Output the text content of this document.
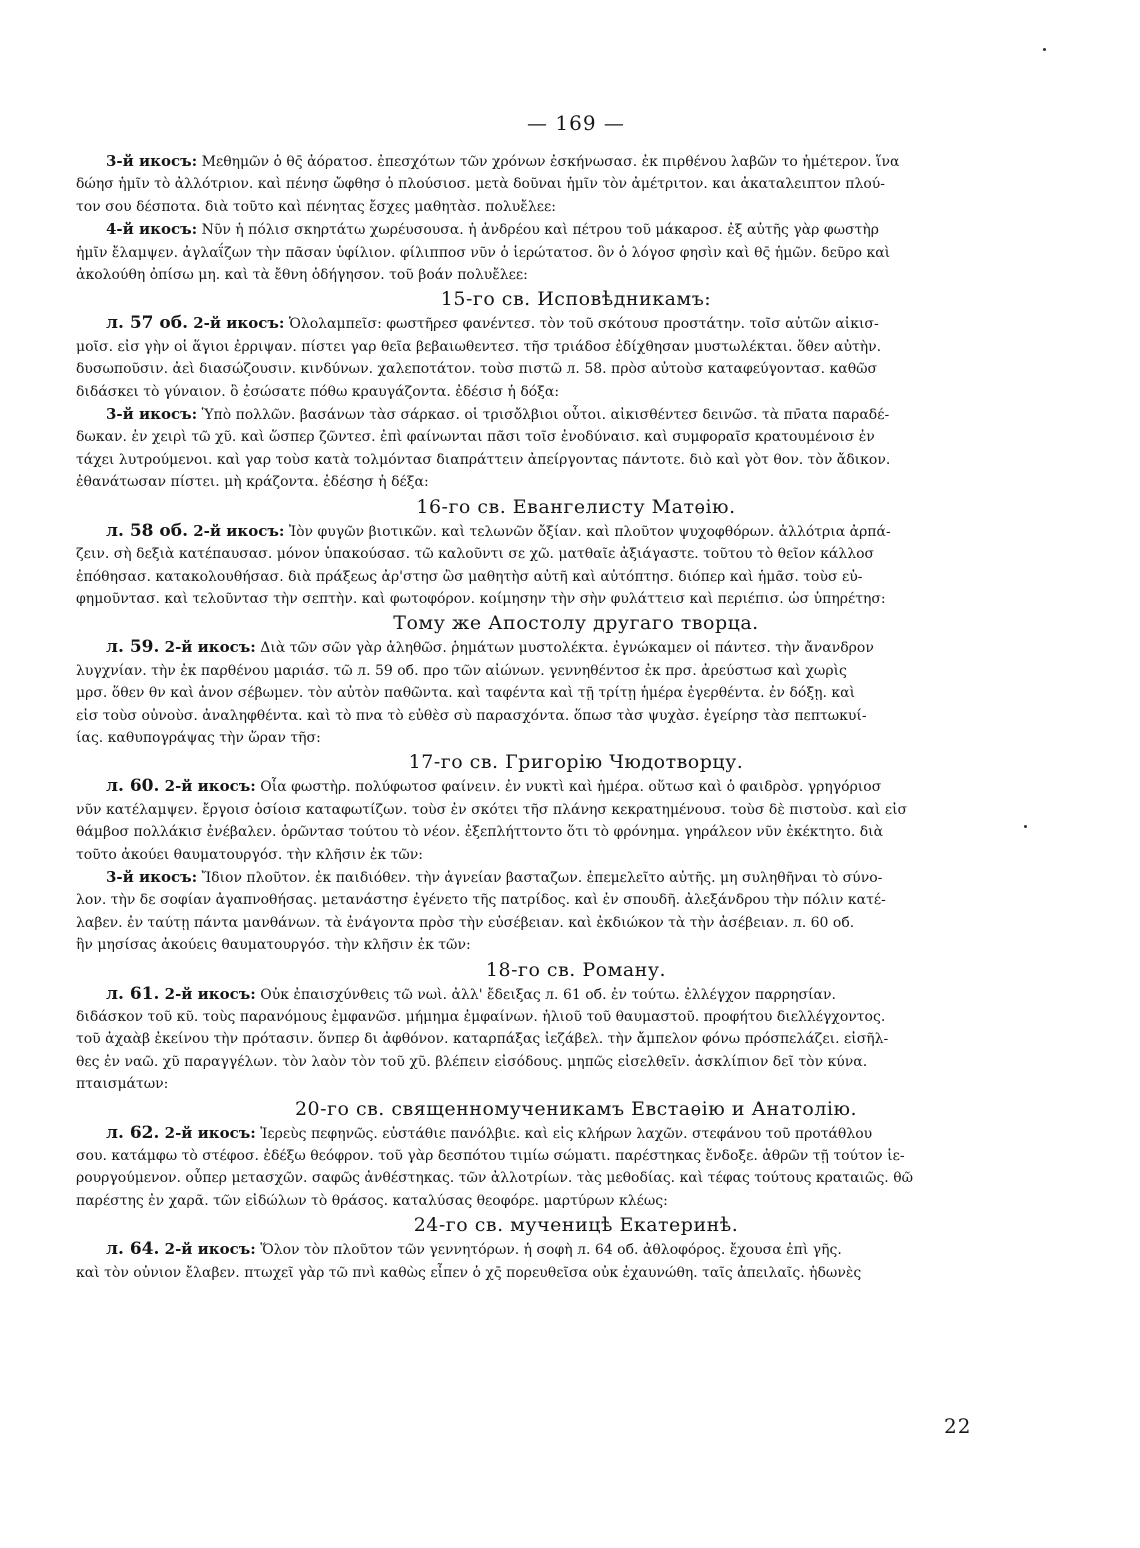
— 169 —
3-й икосъ: Μεθημῶν ὁ θς̄ ἀόρατοσ. ἐπεσχότων τῶν χρόνων ἐσκήνωσασ. ἐκ πιρθένου λαβῶν το ἡμέτερον. ἵνα
δώησ ἡμῖν τὸ ἀλλότριον. καὶ πένησ ὤφθησ ὁ πλούσιοσ. μετὰ δοῦναι ἡμῖν τὸν ἀμέτριτον. και ἀκαταλειπτον πλού-
τον σου δέσποτα. διὰ τοῦτο καὶ πένητας ἔσχες μαθητὰσ. πολυἔλεε:
4-й икосъ: Νῦν ἡ πόλισ σκηρτάτω χωρέυσουσα. ἡ ἀνδρέου καὶ πέτρου τοῦ μάκαροσ. ἐξ αὐτῆς γὰρ φωστὴρ
ἡμῖν ἔλαμψεν. ἀγλαΐζων τὴν πᾶσαν ὑφίλιον. φίλιπποσ νῦν ὁ ἱερώτατοσ. ὃν ὁ λόγοσ φησὶν καὶ θς̄ ἡμῶν. δεῦρο καὶ
ἀκολούθη ὀπίσω μη. καὶ τὰ ἔθνη ὁδήγησον. τοῦ βοάν πολυἔλεε:
15-го св. Исповѣдникамъ:
л. 57 об. 2-й икосъ: Ὁλολαμπεῖσ: φωστῆρεσ φανέντεσ. τὸν τοῦ σκότουσ προστάτην. τοῖσ αὐτῶν αἰκισ-
μοῖσ. εἰσ γὴν οἱ ἅγιοι ἐρριψαν. πίστει γαρ θεῖα βεβαιωθεντεσ. τῆσ τριάδοσ ἐδίχθησαν μυστωλέκται. ὅθεν αὐτὴν.
δυσωποῦσιν. ἀεὶ διασώζουσιν. κινδύνων. χαλεποτάτον. τοὺσ πιστῶ л. 58. πρὸσ αὐτοὺσ καταφεύγοντασ. καθῶσ
διδάσκει τὸ γύναιον. ὃ ἐσώσατε πόθω κραυγάζοντα. ἐδέσισ ἡ δόξα:
3-й икосъ: Ὑπὸ πολλῶν. βασάνων τὰσ σάρκασ. οἱ τρισὄλβιοι οὗτοι. αἰκισθέντεσ δεινῶσ. τὰ πν̄ατα παραδέ-
δωκαν. ἐν χειρὶ τῶ χῦ. καὶ ὥσπερ ζῶντεσ. ἐπὶ φαίνωνται πᾶσι τοῖσ ἐνοδύναισ. καὶ συμφοραῖσ κρατουμένοισ ἐν
τάχει λυτρούμενοι. καὶ γαρ τοὺσ κατὰ τολμόντασ διαπράττειν ἀπείργοντας πάντοτε. διὸ καὶ γὸτ θον. τὸν ἄδικον.
ἐθανάτωσαν πίστει. μὴ κράζοντα. ἐδέσησ ἡ δέξα:
16-го св. Евангелисту Матѳію.
л. 58 об. 2-й икосъ: Ἰὸν φυγῶν βιοτικῶν. καὶ τελωνῶν ὄξίαν. καὶ πλοῦτον ψυχοφθόρων. ἀλλότρια ἀρπά-
ζειν. σὴ δεξιὰ κατέπαυσασ. μόνον ὑπακούσασ. τῶ καλοῦντι σε χῶ. ματθαῖε ἀξιάγαστε. τοῦτου τὸ θεῖον κάλλοσ
ἐπόθησασ. κατακολουθήσασ. διὰ πράξεως ἀρ'στησ ὢσ μαθητὴσ αὐτῆ καὶ αὐτόπτησ. διόπερ καὶ ἡμᾶσ. τοὺσ εὐ-
φημοῦντασ. καὶ τελοῦντασ τὴν σεπτὴν. καὶ φωτοφόρον. κοίμησην τὴν σὴν φυλάττεισ καὶ περιέπισ. ὡσ ὑπηρέτησ:
Тому же Апостолу другаго творца.
л. 59. 2-й икосъ: Διὰ τῶν σῶν γὰρ ἀληθῶσ. ῥημάτων μυστολέκτα. ἐγνώκαμεν οἱ πάντεσ. τὴν ἄνανδρον
λυγχνίαν. τὴν ἐκ παρθένου μαριάσ. τῶ л. 59 об. προ τῶν αἰώνων. γεννηθέντοσ ἐκ πρσ. ἀρεύστωσ καὶ χωρὶς
μρσ. ὅθεν θν καὶ ἀνον σέβωμεν. τὸν αὐτὸν παθῶντα. καὶ ταφέντα καὶ τῇ τρίτῃ ἡμέρα ἐγερθέντα. ἐν δόξῃ. καὶ
εἰσ τοὺσ οὐνοὺσ. ἀναληφθέντα. καὶ τὸ πνα τὸ εὐθὲσ σὺ παρασχόντα. ὅπωσ τὰσ ψυχὰσ. ἐγείρησ τὰσ πεπτωκυί-
ίας. καθυπογράψας τὴν ὥραν τῆσ:
17-го св. Григорію Чюдотворцу.
л. 60. 2-й икосъ: Οἷα φωστὴρ. πολύφωτοσ φαίνειν. ἐν νυκτὶ καὶ ἡμέρα. οὕτωσ καὶ ὁ φαιδρὸσ. γρηγόριοσ
νῦν κατέλαμψεν. ἔργοισ ὁσίοισ καταφωτίζων. τοὺσ ἐν σκότει τῆσ πλάνησ κεκρατημένουσ. τοὺσ δὲ πιστοὺσ. καὶ εἰσ
θάμβοσ πολλάκισ ἐνέβαλεν. ὁρῶντασ τούτου τὸ νέον. ἐξεπλήττοντο ὅτι τὸ φρόνημα. γηράλεον νῦν ἐκέκτητο. διὰ
τοῦτο ἀκούει θαυματουργόσ. τὴν κλῆσιν ἐκ τῶν:
3-й икосъ: Ἴδιον πλοῦτον. ἐκ παιδιόθεν. τὴν ἁγνείαν βασταζων. ἐπεμελεῖτο αὐτῆς. μη συληθῆναι τὸ σύνο-
λον. τὴν δε σοφίαν ἀγαπνοθήσας. μετανάστησ ἐγένετο τῆς πατρίδος. καὶ ἐν σπουδῆ. ἀλεξάνδρου τὴν πόλιν κατέ-
λαβεν. ἐν ταύτῃ πάντα μανθάνων. τὰ ἐνάγοντα πρὸσ τὴν εὐσέβειαν. καὶ ἐκδιώκον τὰ τὴν ἀσέβειαν. л. 60 об.
ἣν μησίσας ἀκούεις θαυματουργόσ. τὴν κλῆσιν ἐκ τῶν:
18-го св. Роману.
л. 61. 2-й икосъ: Οὐκ ἐπαισχύνθεις τῶ νωὶ. ἀλλ' ἔδειξας л. 61 об. ἐν τούτω. ἐλλέγχον παρρησίαν.
διδάσκον τοῦ κῦ. τοὺς παρανόμους ἐμφανῶσ. μήμημα ἐμφαίνων. ἠλιοῦ τοῦ θαυμαστοῦ. προφήτου διελλέγχοντος.
τοῦ ἀχαὰβ ἐκείνου τὴν πρότασιν. ὅνπερ δι ἀφθόνον. καταρπάξας ἰεζάβελ. τὴν ἄμπελον φόνω πρόσπελάζει. εἰσῆλ-
θες ἐν ναῶ. χῦ παραγγέλων. τὸν λαὸν τὸν τοῦ χῦ. βλέπειν εἰσόδους. μηπῶς εἰσελθεῖν. ἀσκλίπιον δεῖ τὸν κύνα.
πταισμάτων:
20-го св. священномученикамъ Евстаѳію и Анатолію.
л. 62. 2-й икосъ: Ἱερεὺς πεφηνῶς. εὐστάθιε πανόλβιε. καὶ εἰς κλήρων λαχῶν. στεφάνου τοῦ προτάθλου
σου. κατάμφω τὸ στέφοσ. ἐδέξω θεόφρον. τοῦ γὰρ δεσπότου τιμίω σώματι. παρέστηκας ἔνδοξε. ἀθρῶν τῇ τούτον ἱε-
ρουργούμενον. οὗπερ μετασχῶν. σαφῶς ἀνθέστηκας. τῶν ἀλλοτρίων. τὰς μεθοδίας. καὶ τέφας τούτους κραταιῶς. θῶ
παρέστης ἐν χαρᾶ. τῶν εἰδώλων τὸ θράσος. καταλύσας θεοφόρε. μαρτύρων κλέως:
24-го св. мученицѣ Екатеринѣ.
л. 64. 2-й икосъ: Ὅλον τὸν πλοῦτον τῶν γεννητόρων. ἡ σοφὴ л. 64 об. ἀθλοφόρος. ἔχουσα ἐπὶ γῆς.
καὶ τὸν οὐνιον ἔλαβεν. πτωχεῖ γὰρ τῶ πνὶ καθὼς εἶπεν ὁ χς̄ πορευθεῖσα οὐκ ἐχαυνώθη. ταῖς ἀπειλαῖς. ἡδωνὲς
22
